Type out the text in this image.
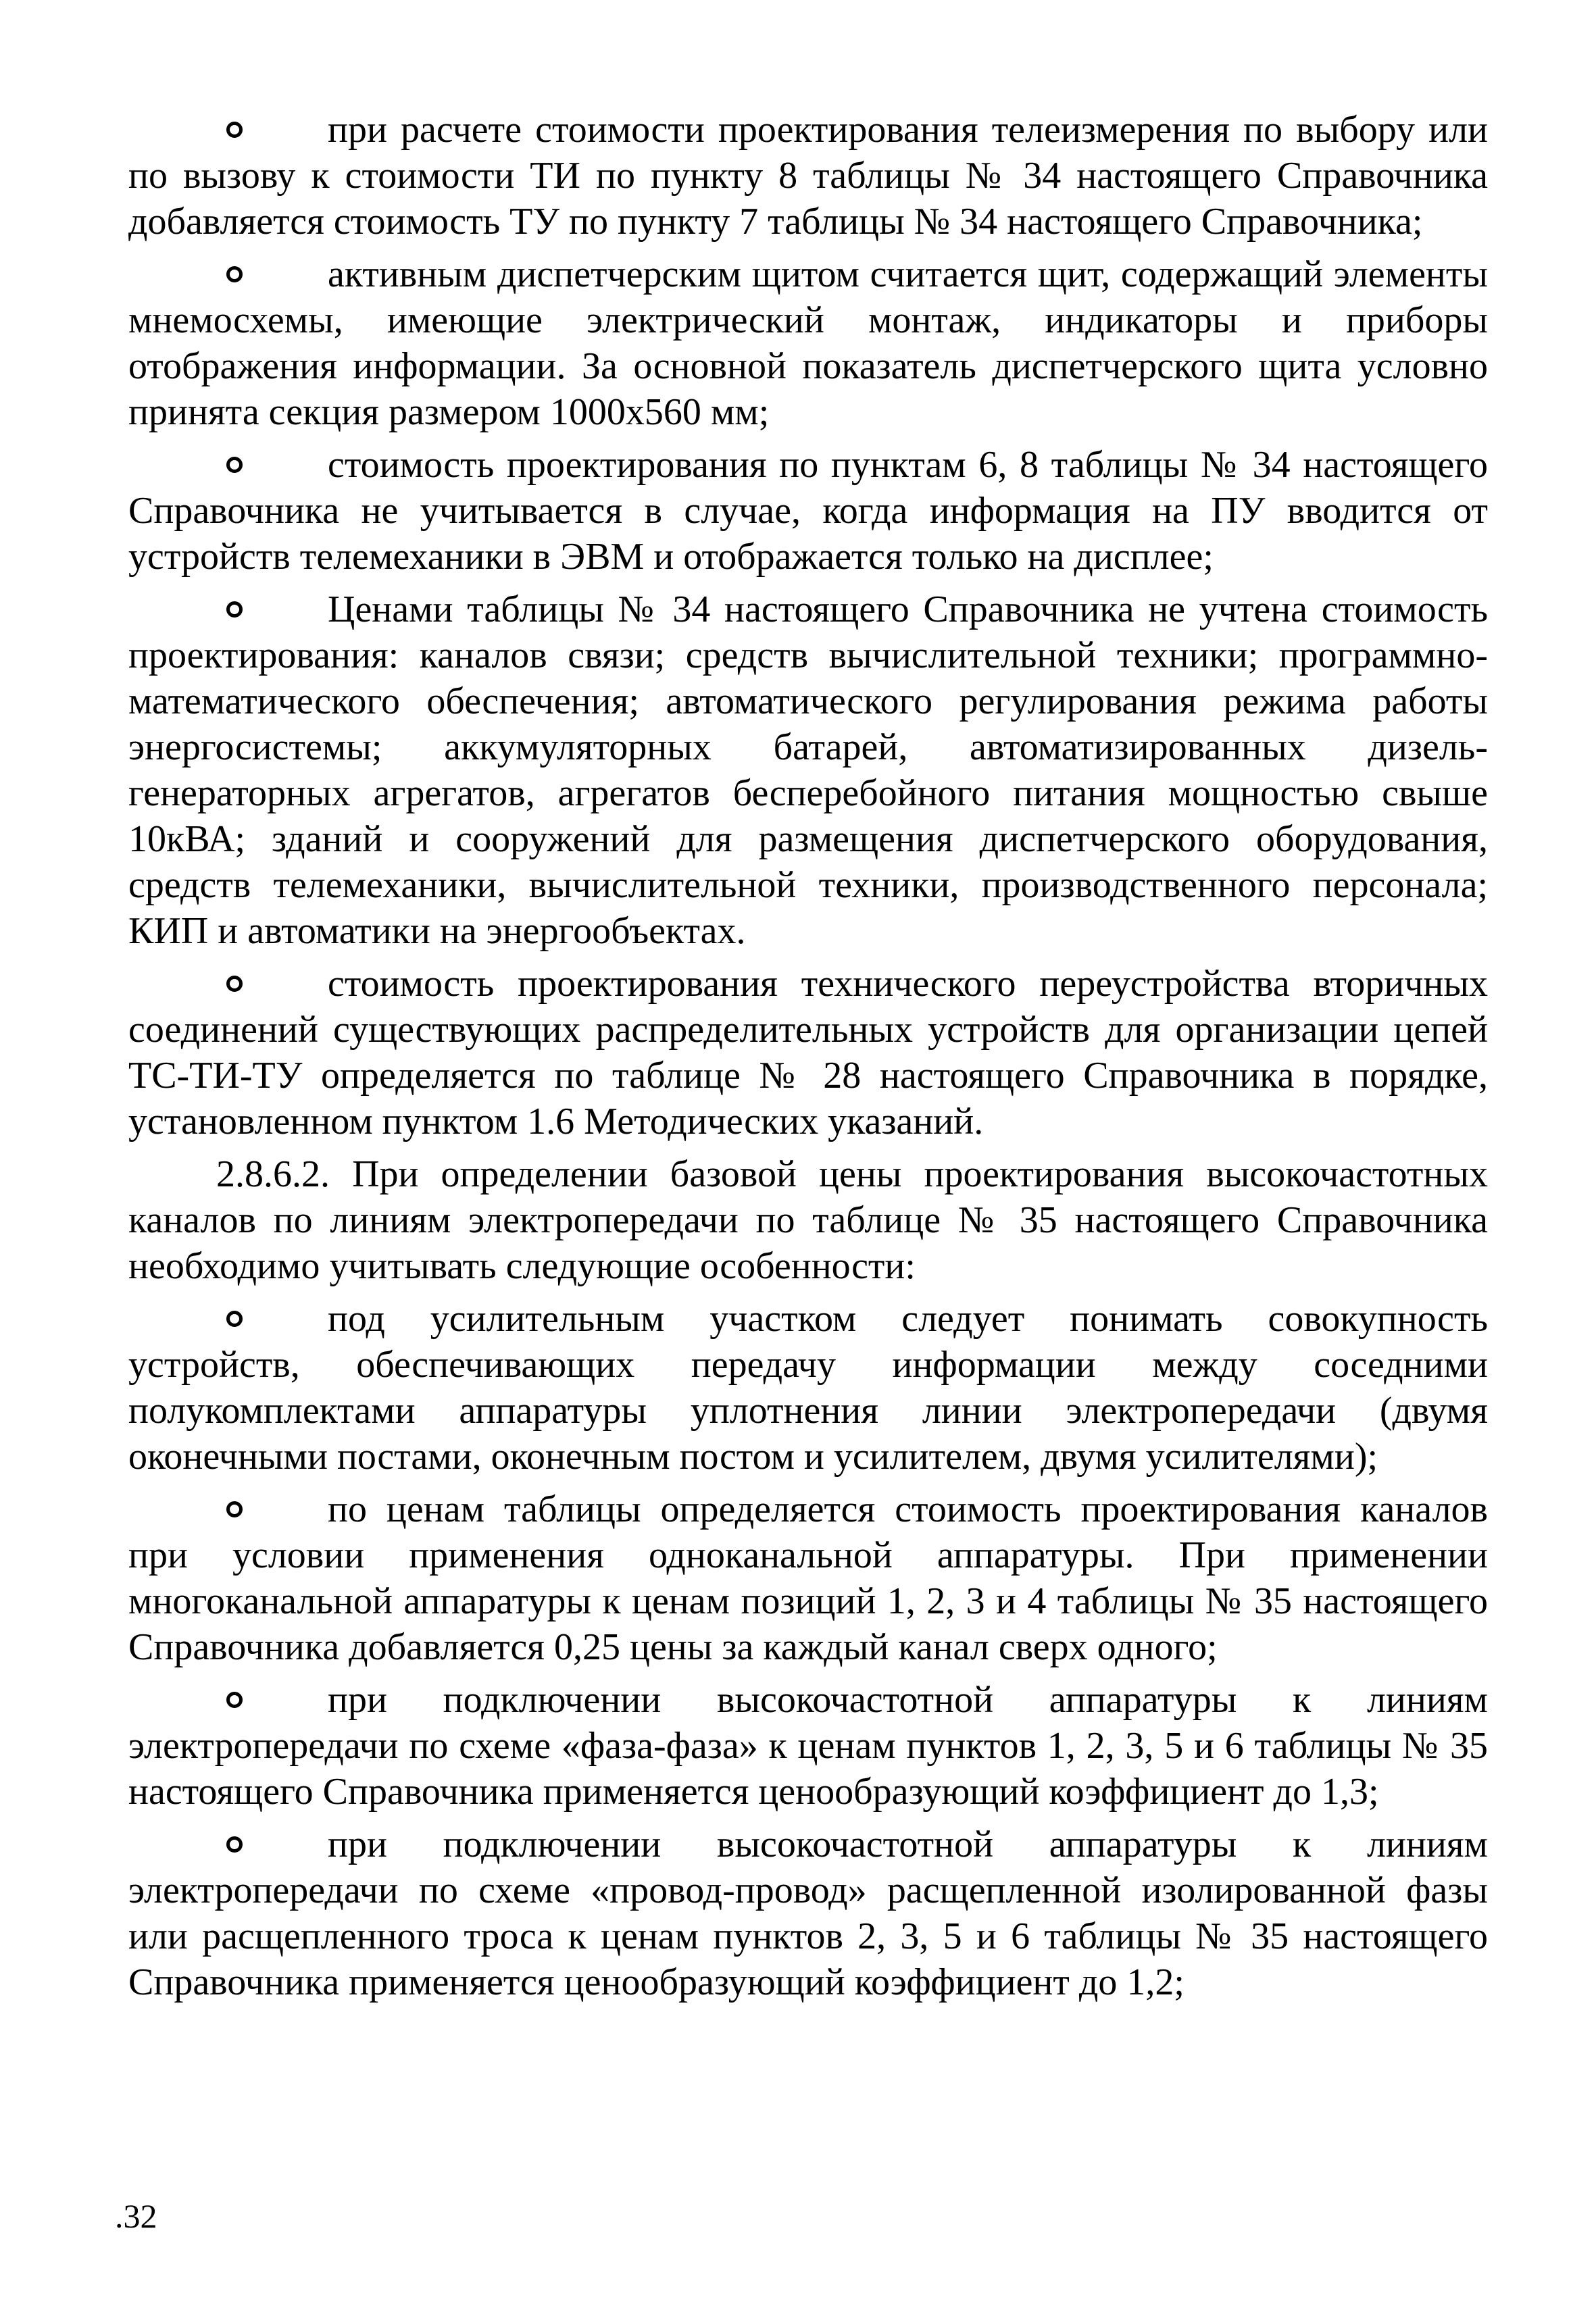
при расчете стоимости проектирования телеизмерения по выбору или по вызову к стоимости ТИ по пункту 8 таблицы № 34 настоящего Справочника добавляется стоимость ТУ по пункту 7 таблицы № 34 настоящего Справочника;

активным диспетчерским щитом считается щит, содержащий элементы мнемосхемы, имеющие электрический монтаж, индикаторы и приборы отображения информации. За основной показатель диспетчерского щита условно принята секция размером 1000х560 мм;

стоимость проектирования по пунктам 6, 8 таблицы № 34 настоящего Справочника не учитывается в случае, когда информация на ПУ вводится от устройств телемеханики в ЭВМ и отображается только на дисплее;

Ценами таблицы № 34 настоящего Справочника не учтена стоимость проектирования: каналов связи; средств вычислительной техники; программно-математического обеспечения; автоматического регулирования режима работы энергосистемы; аккумуляторных батарей, автоматизированных дизель-генераторных агрегатов, агрегатов бесперебойного питания мощностью свыше 10кВА; зданий и сооружений для размещения диспетчерского оборудования, средств телемеханики, вычислительной техники, производственного персонала; КИП и автоматики на энергообъектах.

стоимость проектирования технического переустройства вторичных соединений существующих распределительных устройств для организации цепей ТС-ТИ-ТУ определяется по таблице № 28 настоящего Справочника в порядке, установленном пунктом 1.6 Методических указаний.

2.8.6.2. При определении базовой цены проектирования высокочастотных каналов по линиям электропередачи по таблице № 35 настоящего Справочника необходимо учитывать следующие особенности:

под усилительным участком следует понимать совокупность устройств, обеспечивающих передачу информации между соседними полукомплектами аппаратуры уплотнения линии электропередачи (двумя оконечными постами, оконечным постом и усилителем, двумя усилителями);

по ценам таблицы определяется стоимость проектирования каналов при условии применения одноканальной аппаратуры. При применении многоканальной аппаратуры к ценам позиций 1, 2, 3 и 4 таблицы № 35 настоящего Справочника добавляется 0,25 цены за каждый канал сверх одного;

при подключении высокочастотной аппаратуры к линиям электропередачи по схеме «фаза-фаза» к ценам пунктов 1, 2, 3, 5 и 6 таблицы № 35 настоящего Справочника применяется ценообразующий коэффициент до 1,3;

при подключении высокочастотной аппаратуры к линиям электропередачи по схеме «провод-провод» расщепленной изолированной фазы или расщепленного троса к ценам пунктов 2, 3, 5 и 6 таблицы № 35 настоящего Справочника применяется ценообразующий коэффициент до 1,2;

.32
